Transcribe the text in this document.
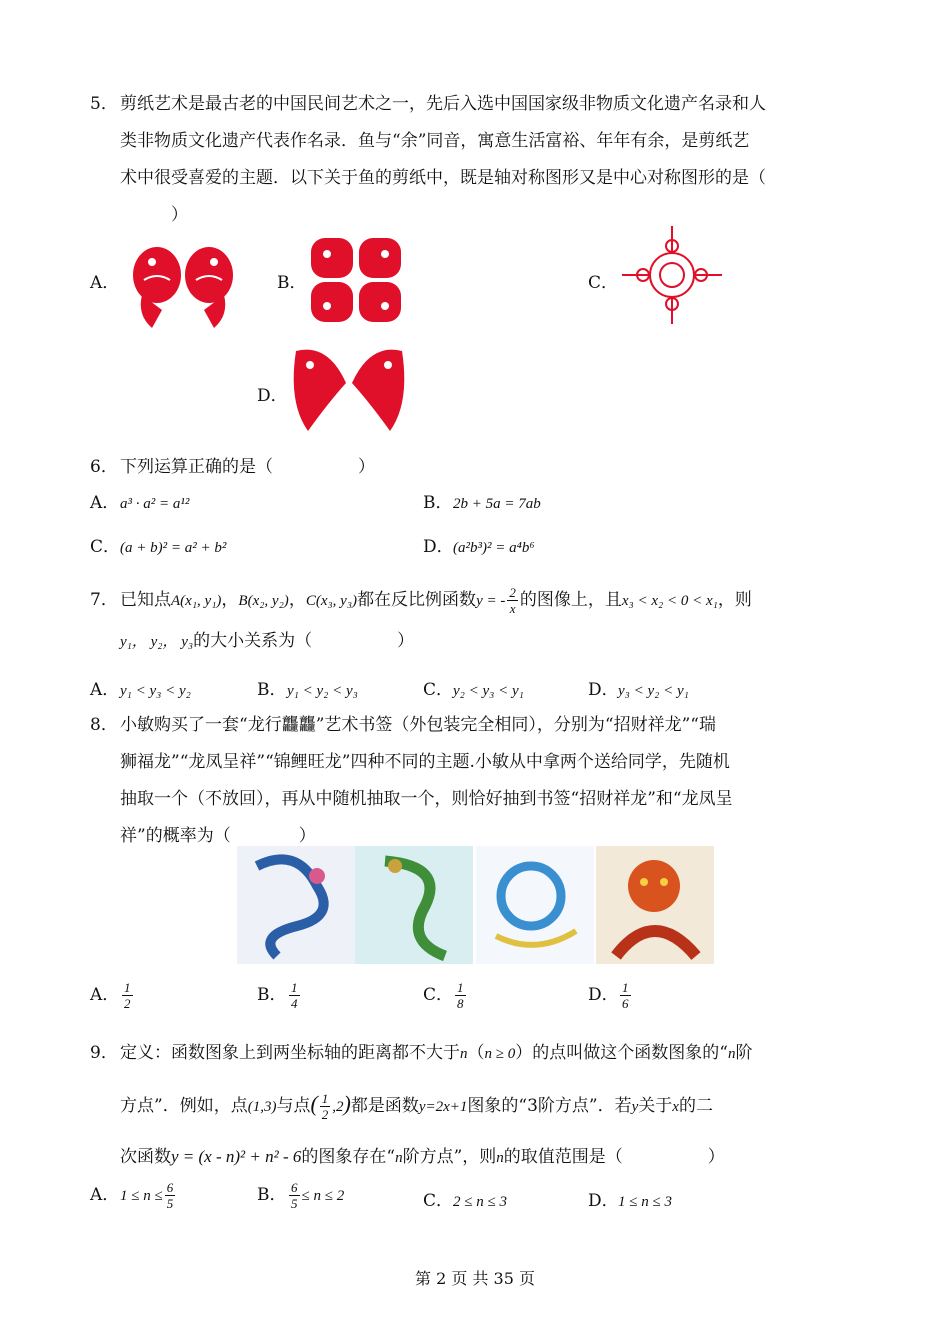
5． 剪纸艺术是最古老的中国民间艺术之一，先后入选中国国家级非物质文化遗产名录和人
类非物质文化遗产代表作名录．鱼与“余”同音，寓意生活富裕、年年有余，是剪纸艺
术中很受喜爱的主题．以下关于鱼的剪纸中，既是轴对称图形又是中心对称图形的是（
　　　）
A．	B．	C．
D．
6． 下列运算正确的是（　　　　　）
A．a³ · a² = a¹²	B．2b + 5a = 7ab
C．(a + b)² = a² + b²	D．(a²b³)² = a⁴b⁶
7． 已知点A(x₁, y₁)，B(x₂, y₂)，C(x₃, y₃)都在反比例函数y = - $\frac{2}{x}$ 的图像上，且x₃ < x₂ < 0 < x₁，则
y₁， y₂， y₃的大小关系为（　　　　　）
A．y₁ < y₃ < y₂	B．y₁ < y₂ < y₃	C．y₂ < y₃ < y₁	D．y₃ < y₂ < y₁
8． 小敏购买了一套“龙行龘龘”艺术书签（外包装完全相同），分别为“招财祥龙”“瑞
狮福龙”“龙凤呈祥”“锦鲤旺龙”四种不同的主题.小敏从中拿两个送给同学，先随机
抽取一个（不放回），再从中随机抽取一个，则恰好抽到书签“招财祥龙”和“龙凤呈
祥”的概率为（　　　　）
A． $\frac{1}{2}$	B． $\frac{1}{4}$	C． $\frac{1}{8}$	D． $\frac{1}{6}$
9． 定义：函数图象上到两坐标轴的距离都不大于n（n ≥ 0）的点叫做这个函数图象的“n阶
方点”．例如，点(1,3)与点( $\frac{1}{2} ,2$)都是函数y=2x+1图象的“3阶方点”．若y关于x的二
次函数y = (x - n)² + n² - 6的图象存在“n阶方点”，则n的取值范围是（　　　　　）
A．$1 \le n \le \frac{6}{5}$	B． $\frac{6}{5} \le n \le 2$	C．2 ≤ n ≤ 3	D．1 ≤ n ≤ 3
第 2 页 共 35 页
